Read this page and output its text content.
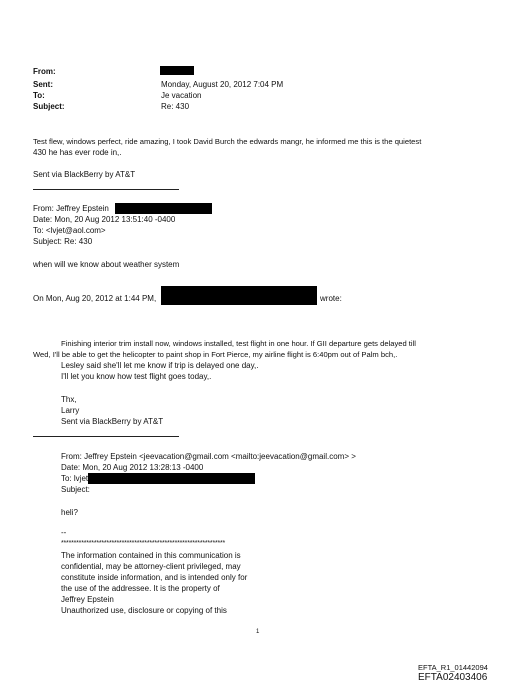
From:
Sent:	Monday, August 20, 2012 7:04 PM
To:	Je vacation
Subject:	Re: 430
Test flew, windows perfect, ride amazing, I took David Burch the edwards mangr, he informed me this is the quietest
430 he has ever rode in,.
Sent via BlackBerry by AT&T
From: Jeffrey Epstein
Date: Mon, 20 Aug 2012 13:51:40 -0400
To: <lvjet@aol.com>
Subject: Re: 430
when will we know about weather system
On Mon, Aug 20, 2012 at 1:44 PM,	wrote:
Finishing interior trim install now, windows installed, test flight in one hour. If GII departure gets delayed till
Wed, I'll be able to get the helicopter to paint shop in Fort Pierce, my airline flight is 6:40pm out of Palm bch,.
Lesley said she'll let me know if trip is delayed one day,.
I'll let you know how test flight goes today,.
Thx,
Larry
Sent via BlackBerry by AT&T
From: Jeffrey Epstein <jeevacation@gmail.com <mailto:jeevacation@gmail.com> >
Date: Mon, 20 Aug 2012 13:28:13 -0400
To: lvjet
Subject:
heli?
--
*****************************************************************
The information contained in this communication is
confidential, may be attorney-client privileged, may
constitute inside information, and is intended only for
the use of the addressee. It is the property of
Jeffrey Epstein
Unauthorized use, disclosure or copying of this
1
EFTA_R1_01442094
EFTA02403406
